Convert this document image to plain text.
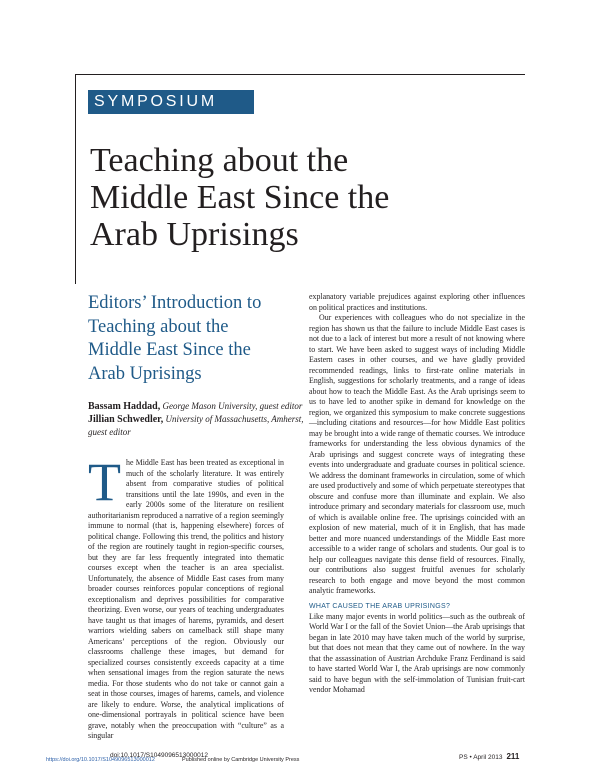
SYMPOSIUM
Teaching about the
Middle East Since the
Arab Uprisings
Editors’ Introduction to
Teaching about the
Middle East Since the
Arab Uprisings

Bassam Haddad, George Mason University, guest editor

Jillian Schwedler, University of Massachusetts, Amherst,

guest editor

T he Middle East has been treated as exceptional in much of the scholarly literature. It was entirely absent from comparative studies of political transitions until the late 1990s, and even in the early 2000s some of the literature on resilient authoritarianism reproduced a narrative of a region seemingly immune to normal (that is, happening elsewhere) forces of political change. Following this trend, the politics and history of the region are routinely taught in region-specific courses, but they are far less frequently integrated into thematic courses except when the teacher is an area specialist. Unfortunately, the absence of Middle East cases from many broader courses reinforces popular conceptions of regional exceptionalism and deprives possibilities for comparative theorizing. Even worse, our years of teaching undergraduates have taught us that images of harems, pyramids, and desert warriors wielding sabers on camelback still shape many Americans’ perceptions of the region. Obviously our classrooms challenge these images, but demand for specialized courses consistently exceeds capacity at a time when sensational images from the region saturate the news media. For those students who do not take or cannot gain a seat in those courses, images of harems, camels, and violence are likely to endure. Worse, the analytical implications of one-dimensional portrayals in political science have been grave, notably when the preoccupation with “culture” as a singular

explanatory variable prejudices against exploring other influences on political practices and institutions.

Our experiences with colleagues who do not specialize in the region has shown us that the failure to include Middle East cases is not due to a lack of interest but more a result of not knowing where to start. We have been asked to suggest ways of including Middle Eastern cases in other courses, and we have gladly provided recommended readings, links to first-rate online materials in English, suggestions for scholarly treatments, and a range of ideas about how to teach the Middle East. As the Arab uprisings seem to us to have led to another spike in demand for knowledge on the region, we organized this symposium to make concrete suggestions—including citations and resources—for how Middle East politics may be brought into a wide range of thematic courses. We introduce frameworks for understanding the less obvious dynamics of the Arab uprisings and suggest concrete ways of integrating these events into undergraduate and graduate courses in political science. We address the dominant frameworks in circulation, some of which are used productively and some of which perpetuate stereotypes that obscure and confuse more than illuminate and explain. We also introduce primary and secondary materials for classroom use, much of which is available online free. The uprisings coincided with an explosion of new material, much of it in English, that has made better and more nuanced understandings of the Middle East more accessible to a wider range of scholars and students. Our goal is to help our colleagues navigate this dense field of resources. Finally, our contributions also suggest fruitful avenues for scholarly research to both engage and move beyond the most common analytic frameworks.

WHAT CAUSED THE ARAB UPRISINGS?

Like many major events in world politics—such as the outbreak of World War I or the fall of the Soviet Union—the Arab uprisings that began in late 2010 may have taken much of the world by surprise, but that does not mean that they came out of nowhere. In the way that the assassination of Austrian Archduke Franz Ferdinand is said to have started World War I, the Arab uprisings are now commonly said to have begun with the self-immolation of Tunisian fruit-cart vendor Mohamad

doi:10.1017/S1049096513000012
https://doi.org/10.1017/S1049096513000012	Published online by Cambridge University Press	PS • April 2013 211
